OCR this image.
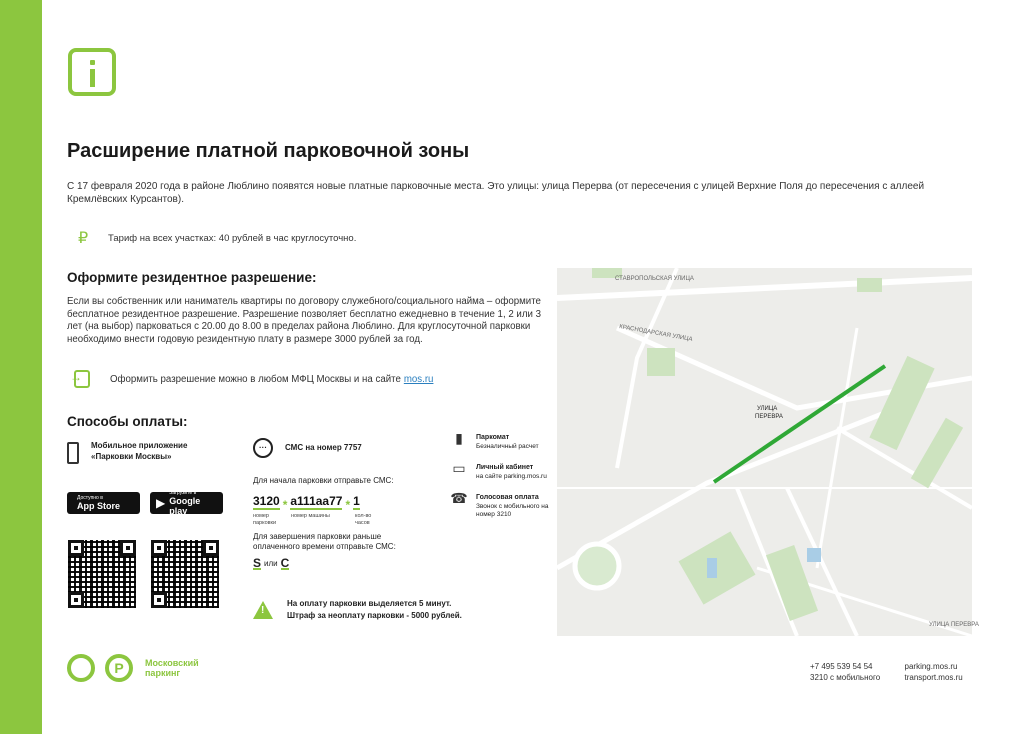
Расширение платной парковочной зоны

С 17 февраля 2020 года в районе Люблино появятся новые платные парковочные места. Это улицы: улица Перерва (от пересечения с улицей Верхние Поля до пересечения с аллеей Кремлёвских Курсантов).

₽	Тариф на всех участках: 40 рублей в час круглосуточно.
Оформите резидентное разрешение:

Если вы собственник или наниматель квартиры по договору служебного/социального найма – оформите бесплатное резидентное разрешение. Разрешение позволяет бесплатно ежедневно в течение 1, 2 или 3 лет (на выбор) парковаться с 20.00 до 8.00 в пределах района Люблино. Для круглосуточной парковки необходимо внести годовую резидентную плату в размере 3000 рублей за год.

→
Оформить разрешение можно в любом МФЦ Москвы и на сайте mos.ru
Способы оплаты:
Мобильное приложение
«Парковки Москвы»
Доступно в
App Store	▶
Загрузите в
Google play
···	СМС на номер 7757
Для начала парковки отправьте СМС:
3120 * а111аа77 * 1
номер парковки
номер машины	кол-во часов
Для завершения парковки раньше оплаченного времени отправьте СМС:
S или С
!
На оплату парковки выделяется 5 минут.
Штраф за неоплату парковки - 5000 рублей.
▮	Паркомат
Безналичный расчет
▭	Личный кабинет
на сайте parking.mos.ru
☎ Голосовая оплата
Звонок с мобильного на номер 3210
СТАВРОПОЛЬСКАЯ УЛИЦА
КРАСНОДАРСКАЯ УЛИЦА
УЛИЦА
ПЕРЕВРА
УЛИЦА ПЕРЕВРА
P	Московский
паркинг
+7 495 539 54 54
3210 с мобильного
parking.mos.ru
transport.mos.ru
